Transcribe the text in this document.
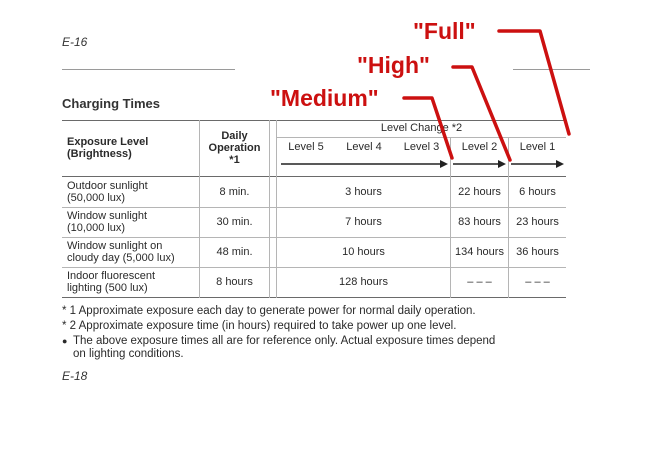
E-16
Charging Times
Exposure Level
(Brightness)
Daily
Operation
*1
Level Change *2
Level 5	Level 4	Level 3	Level 2	Level 1
Outdoor sunlight
(50,000 lux)	8 min.	3 hours	22 hours	6 hours
Window sunlight
(10,000 lux)	30 min.	7 hours	83 hours	23 hours
Window sunlight on
cloudy day (5,000 lux)	48 min.	10 hours	134 hours	36 hours
Indoor fluorescent
lighting (500 lux)	8 hours	128 hours	– – –	– – –
* 1 Approximate exposure each day to generate power for normal daily operation.
* 2 Approximate exposure time (in hours) required to take power up one level.
● The above exposure times all are for reference only. Actual exposure times depend
on lighting conditions.
E-18
"Full"
"High"
"Medium"
